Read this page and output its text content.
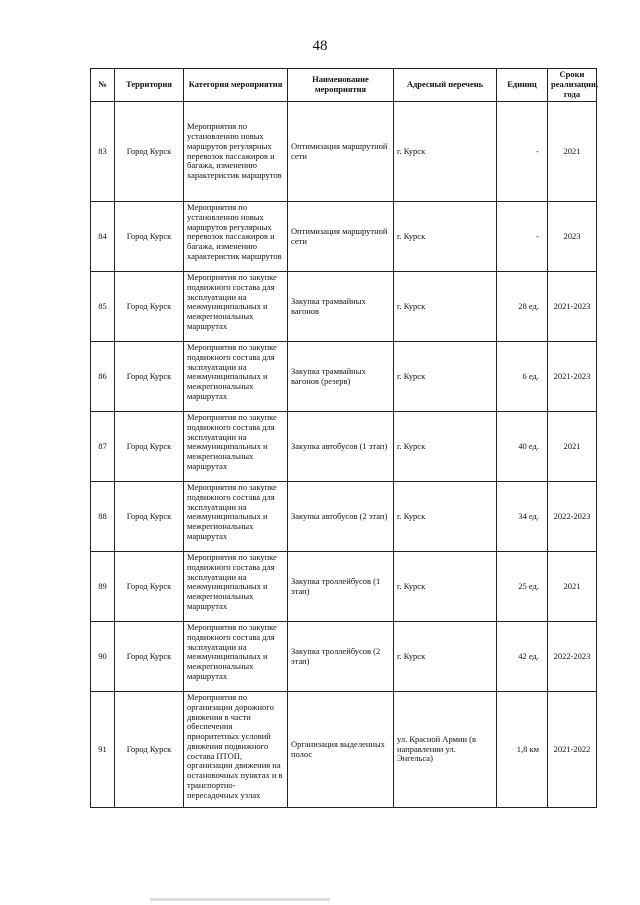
48
№	Территория	Категория мероприятия	Наименование мероприятия	Адресный перечень	Единиц	Сроки реализации, года
83	Город Курск	Мероприятия по установленню новых маршрутов регулярных перевозок пассажиров и багажа, изменению характеристик маршрутов	Оптимизация маршрутной сети	г. Курск	-	2021
84	Город Курск	Мероприятия по установленню новых маршрутов регулярных перевозок пассажиров и багажа, изменению характеристик маршрутов	Оптимизация маршрутной сети	г. Курск	-	2023
85	Город Курск	Мероприятия по закупке подвижного состава для эксплуатации на межмуниципальных и межрегиональных маршрутах	Закупка трамвайных вагонов	г. Курск	28 ед.	2021-2023
86	Город Курск	Мероприятия по закупке подвижного состава для эксплуатации на межмуниципальных и межрегиональных маршрутах	Закупка трамвайных вагонов (резерв)	г. Курск	6 ед.	2021-2023
87	Город Курск	Мероприятия по закупке подвижного состава для эксплуатации на межмуниципальных и межрегиональных маршрутах	Закупка автобусов (1 этап)	г. Курск	40 ед.	2021
88	Город Курск	Мероприятия по закупке подвижного состава для эксплуатации на межмуниципальных и межрегиональных маршрутах	Закупка автобусов (2 этап)	г. Курск	34 ед.	2022-2023
89	Город Курск	Мероприятия по закупке подвижного состава для эксплуатации на межмуниципальных и межрегиональных маршрутах	Закупка троллейбусов (1 этап)	г. Курск	25 ед.	2021
90	Город Курск	Мероприятия по закупке подвижного состава для эксплуатации на межмуниципальных и межрегиональных маршрутах	Закупка троллейбусов (2 этап)	г. Курск	42 ед.	2022-2023
91	Город Курск	Мероприятия по организации дорожного движения в части обеспечения приоритетных условий движения подвижного состава ПТОП, организации движения на остановочных пунктах и в транспортно-пересадочных узлах	Организация выделенных полос	ул. Красной Армии (в направлении ул. Энгельса)	1,8 км	2021-2022
